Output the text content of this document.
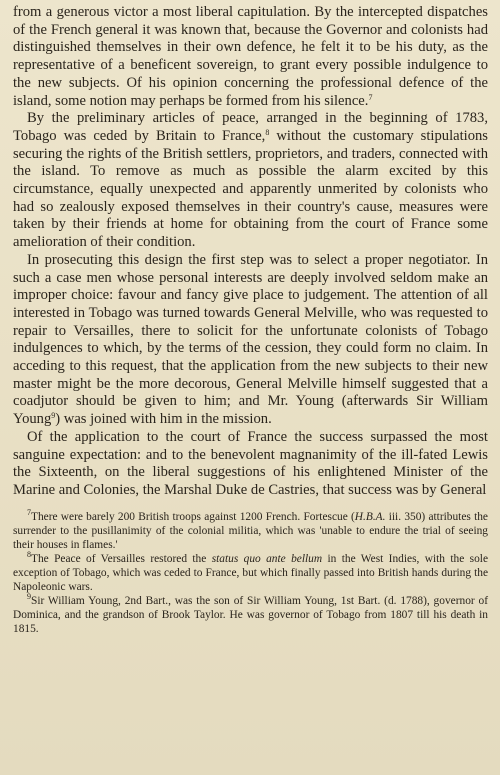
from a generous victor a most liberal capitulation. By the intercepted dispatches of the French general it was known that, because the Governor and colonists had distinguished themselves in their own defence, he felt it to be his duty, as the representative of a beneficent sovereign, to grant every possible indulgence to the new subjects. Of his opinion concerning the professional defence of the island, some notion may perhaps be formed from his silence.$^7$

By the preliminary articles of peace, arranged in the beginning of 1783, Tobago was ceded by Britain to France,$^8$ without the customary stipulations securing the rights of the British settlers, proprietors, and traders, connected with the island. To remove as much as possible the alarm excited by this circumstance, equally unexpected and apparently unmerited by colonists who had so zealously exposed themselves in their country's cause, measures were taken by their friends at home for obtaining from the court of France some amelioration of their condition.

In prosecuting this design the first step was to select a proper negotiator. In such a case men whose personal interests are deeply involved seldom make an improper choice: favour and fancy give place to judgement. The attention of all interested in Tobago was turned towards General Melville, who was requested to repair to Versailles, there to solicit for the unfortunate colonists of Tobago indulgences to which, by the terms of the cession, they could form no claim. In acceding to this request, that the application from the new subjects to their new master might be the more decorous, General Melville himself suggested that a coadjutor should be given to him; and Mr. Young (afterwards Sir William Young$^9$) was joined with him in the mission.

Of the application to the court of France the success surpassed the most sanguine expectation: and to the benevolent magnanimity of the ill-fated Lewis the Sixteenth, on the liberal suggestions of his enlightened Minister of the Marine and Colonies, the Marshal Duke de Castries, that success was by General

$^7$There were barely 200 British troops against 1200 French. Fortescue (H.B.A. iii. 350) attributes the surrender to the pusillanimity of the colonial militia, which was 'unable to endure the trial of seeing their houses in flames.'

$^8$The Peace of Versailles restored the status quo ante bellum in the West Indies, with the sole exception of Tobago, which was ceded to France, but which finally passed into British hands during the Napoleonic wars.

$^9$Sir William Young, 2nd Bart., was the son of Sir William Young, 1st Bart. (d. 1788), governor of Dominica, and the grandson of Brook Taylor. He was governor of Tobago from 1807 till his death in 1815.
